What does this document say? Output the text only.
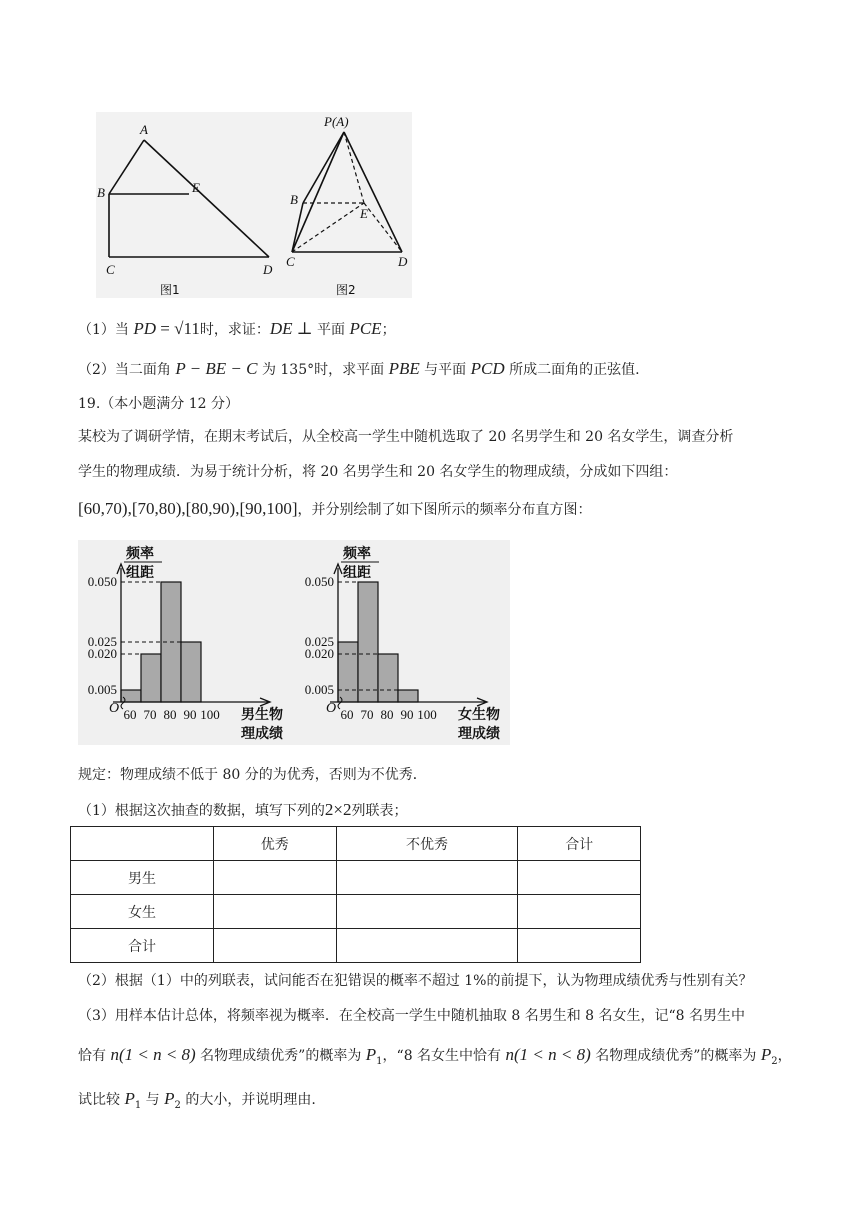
A
B	E
C	D
图1
P(A)
B
E
C	D
图2
（1）当 PD = √11时，求证：DE ⊥ 平面 PCE；
（2）当二面角 P − BE − C 为 135°时，求平面 PBE 与平面 PCD 所成二面角的正弦值.
19.（本小题满分 12 分）
某校为了调研学情，在期末考试后，从全校高一学生中随机选取了 20 名男学生和 20 名女学生，调查分析
学生的物理成绩．为易于统计分析，将 20 名男学生和 20 名女学生的物理成绩，分成如下四组：
[60,70),[70,80),[80,90),[90,100]，并分别绘制了如下图所示的频率分布直方图：
频率
组距
0.050
0.025
0.020
0.005
O 60 70 80 90 100 男生物
理成绩
频率
组距
0.050
0.025
0.020
0.005
O 60 70 80 90 100 女生物
理成绩
规定：物理成绩不低于 80 分的为优秀，否则为不优秀．
（1）根据这次抽查的数据，填写下列的2×2列联表；
	优秀	不优秀	合计
男生			
女生			
合计			
（2）根据（1）中的列联表，试问能否在犯错误的概率不超过 1%的前提下，认为物理成绩优秀与性别有关？
（3）用样本估计总体，将频率视为概率．在全校高一学生中随机抽取 8 名男生和 8 名女生，记“8 名男生中
恰有 n(1 < n < 8) 名物理成绩优秀”的概率为 $P_1$，“8 名女生中恰有 n(1 < n < 8) 名物理成绩优秀”的概率为 $P_2$，
试比较 $P_1$ 与 $P_2$ 的大小，并说明理由.
